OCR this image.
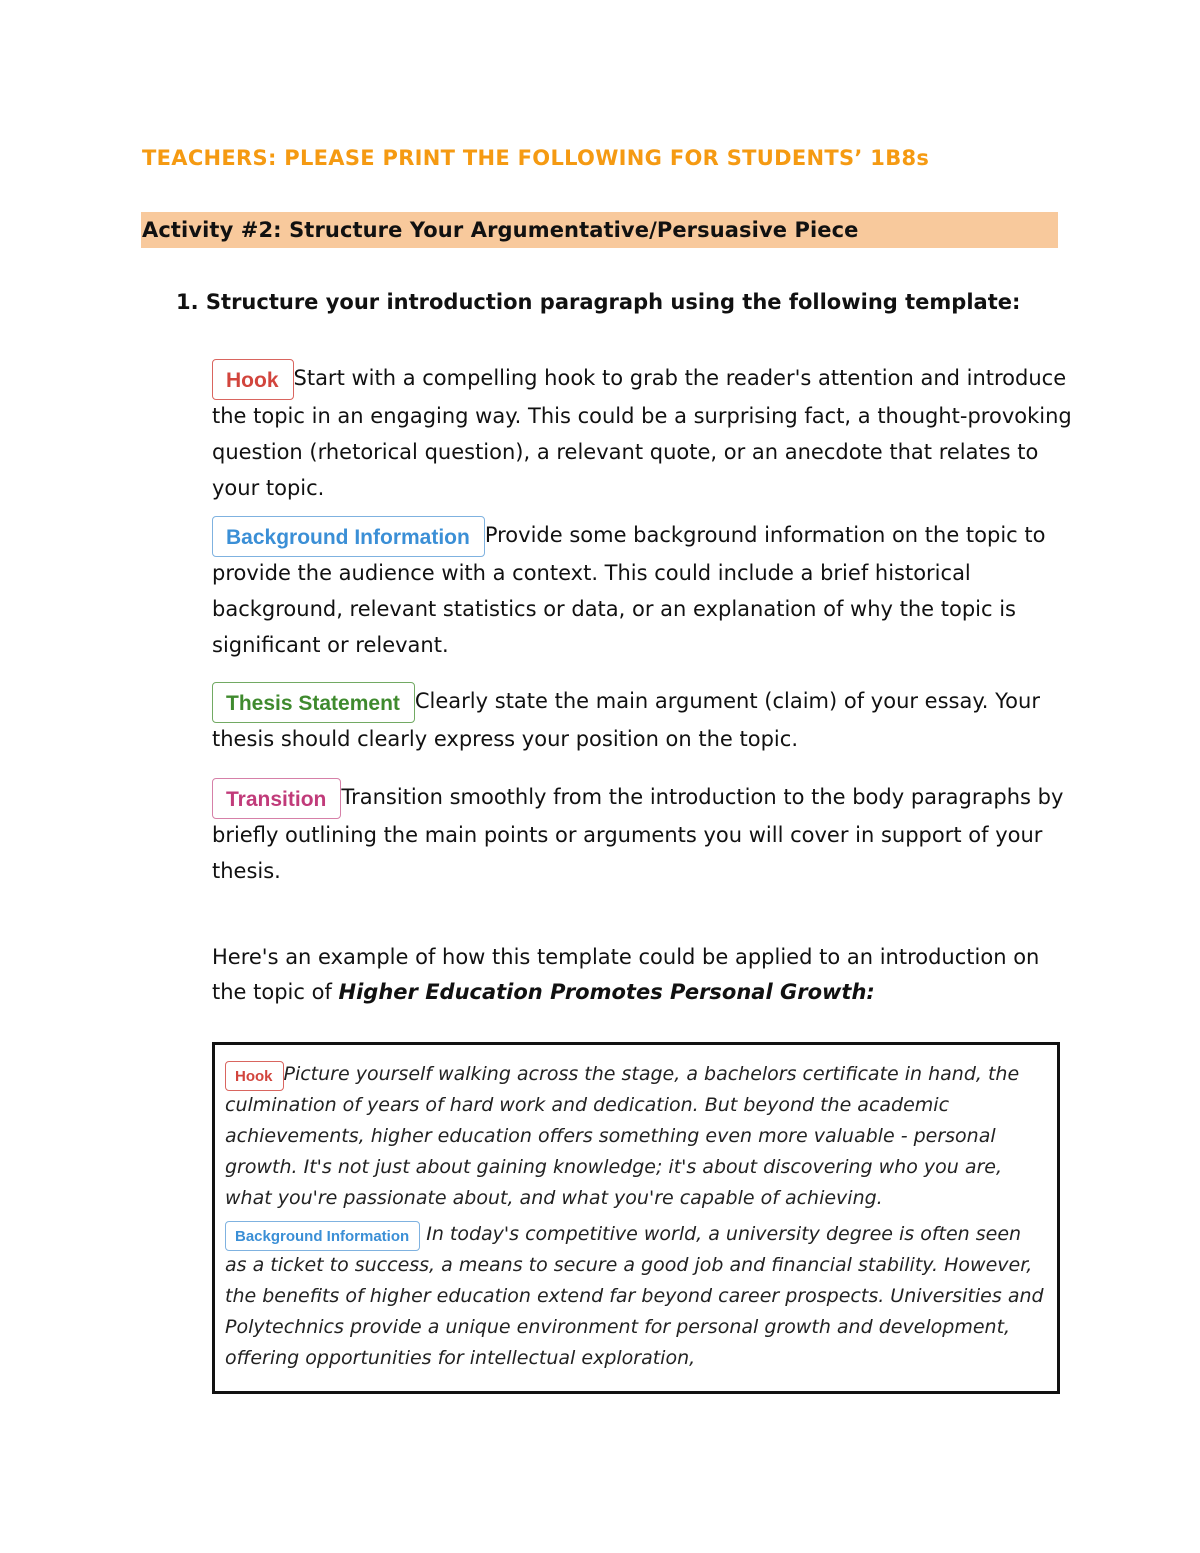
TEACHERS: PLEASE PRINT THE FOLLOWING FOR STUDENTS’ 1B8s
Activity #2: Structure Your Argumentative/Persuasive Piece
1. Structure your introduction paragraph using the following template:
Hook Start with a compelling hook to grab the reader's attention and introduce the topic in an engaging way. This could be a surprising fact, a thought-provoking question (rhetorical question), a relevant quote, or an anecdote that relates to your topic.
Background Information Provide some background information on the topic to provide the audience with a context. This could include a brief historical background, relevant statistics or data, or an explanation of why the topic is significant or relevant.
Thesis Statement Clearly state the main argument (claim) of your essay. Your thesis should clearly express your position on the topic.
Transition Transition smoothly from the introduction to the body paragraphs by briefly outlining the main points or arguments you will cover in support of your thesis.
Here's an example of how this template could be applied to an introduction on the topic of Higher Education Promotes Personal Growth:
Hook Picture yourself walking across the stage, a bachelors certificate in hand, the culmination of years of hard work and dedication. But beyond the academic achievements, higher education offers something even more valuable - personal growth. It's not just about gaining knowledge; it's about discovering who you are, what you're passionate about, and what you're capable of achieving.
Background Information In today's competitive world, a university degree is often seen as a ticket to success, a means to secure a good job and financial stability. However, the benefits of higher education extend far beyond career prospects. Universities and Polytechnics provide a unique environment for personal growth and development, offering opportunities for intellectual exploration,
